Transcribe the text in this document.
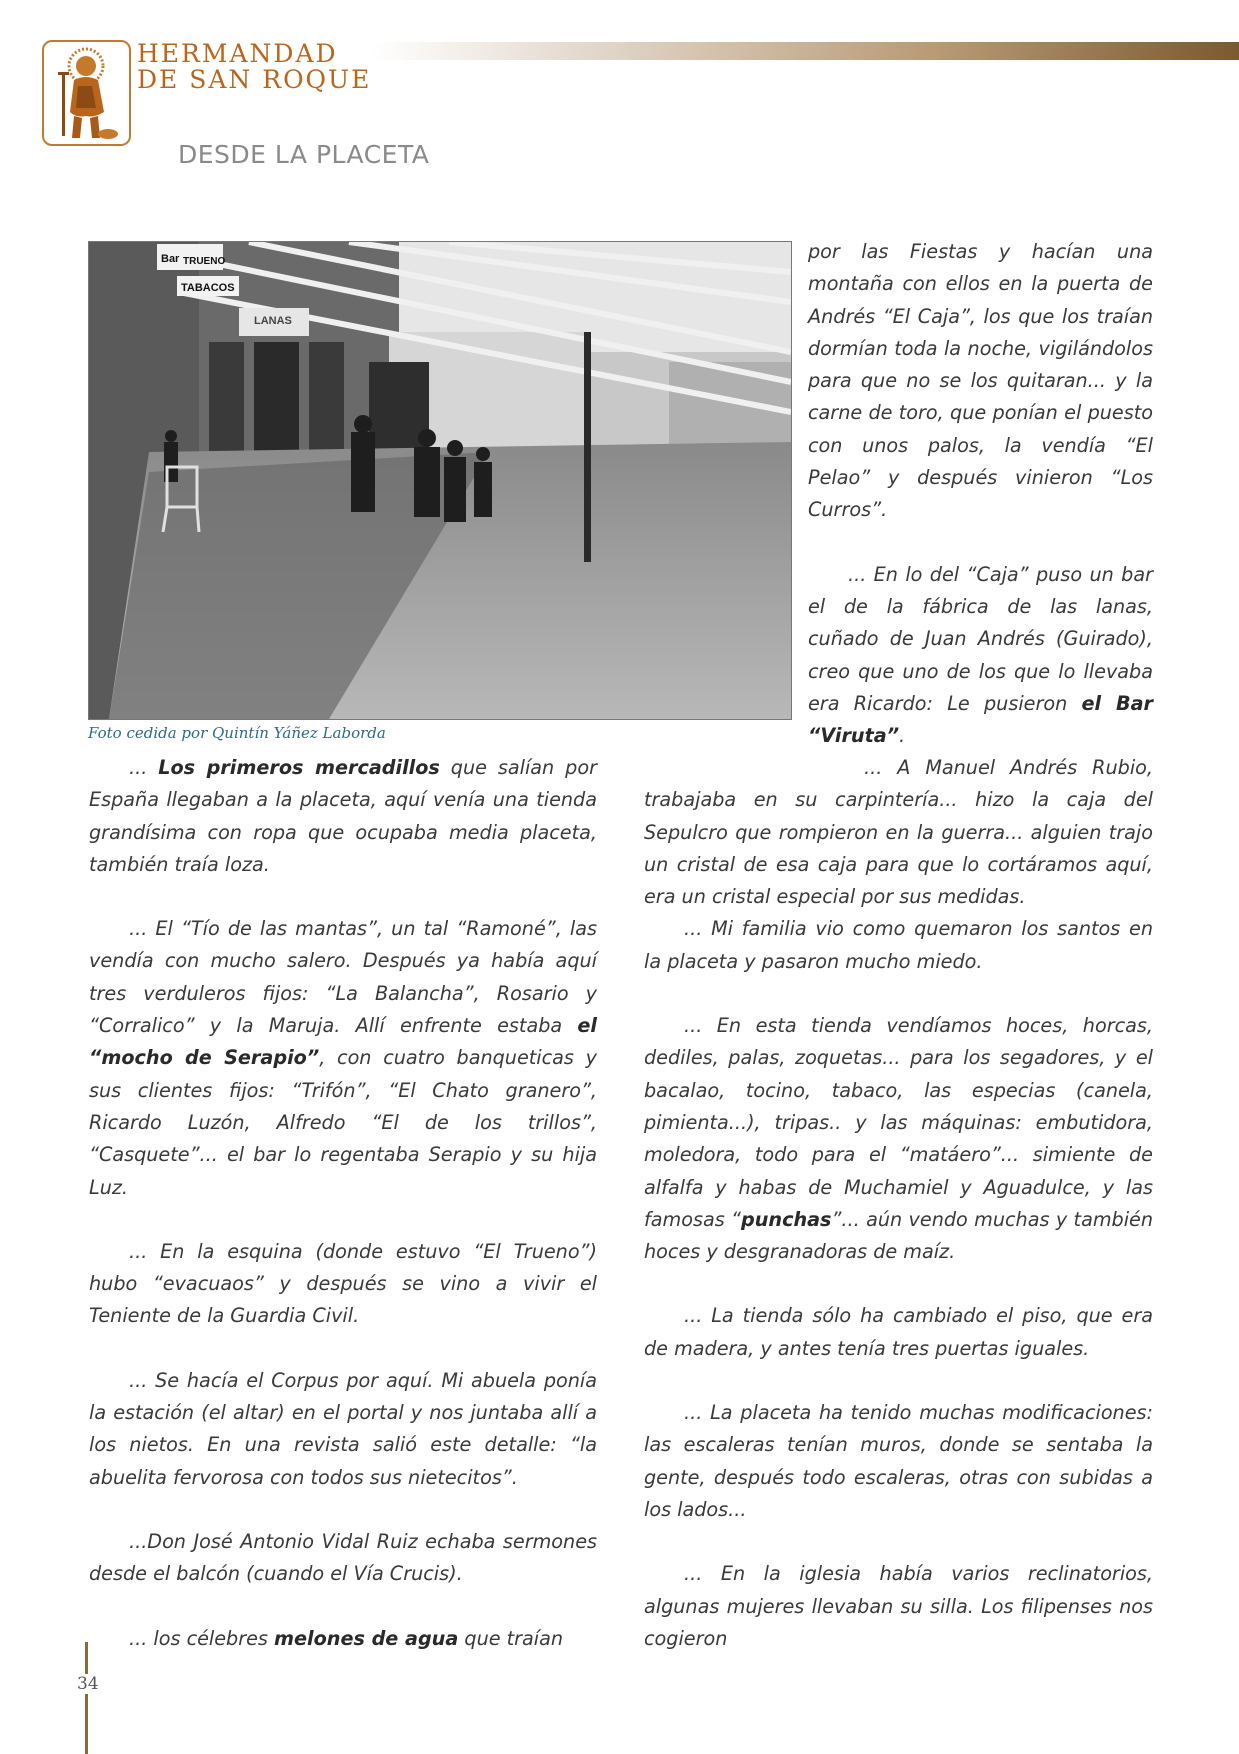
HERMANDAD
DE SAN ROQUE
DESDE LA PLACETA
Bar TRUENO
TABACOS
LANAS
Foto cedida por Quintín Yáñez Laborda

por las Fiestas y hacían una montaña con ellos en la puerta de Andrés “El Caja”, los que los traían dormían toda la noche, vigilándolos para que no se los quitaran... y la carne de toro, que ponían el puesto con unos palos, la vendía “El Pelao” y después vinieron “Los Curros”.

... En lo del “Caja” puso un bar el de la fábrica de las lanas, cuñado de Juan Andrés (Guirado), creo que uno de los que lo llevaba era Ricardo: Le pusieron el Bar “Viruta”.

... Los primeros mercadillos que salían por España llegaban a la placeta, aquí venía una tienda grandísima con ropa que ocupaba media placeta, también traía loza.

... El “Tío de las mantas”, un tal “Ramoné”, las vendía con mucho salero. Después ya había aquí tres verduleros fijos: “La Balancha”, Rosario y “Corralico” y la Maruja. Allí enfrente estaba el “mocho de Serapio”, con cuatro banqueticas y sus clientes fijos: “Trifón”, “El Chato granero”, Ricardo Luzón, Alfredo “El de los trillos”, “Casquete”... el bar lo regentaba Serapio y su hija Luz.

... En la esquina (donde estuvo “El Trueno”) hubo “evacuaos” y después se vino a vivir el Teniente de la Guardia Civil.

... Se hacía el Corpus por aquí. Mi abuela ponía la estación (el altar) en el portal y nos juntaba allí a los nietos. En una revista salió este detalle: “la abuelita fervorosa con todos sus nietecitos”.

...Don José Antonio Vidal Ruiz echaba sermones desde el balcón (cuando el Vía Crucis).

... los célebres melones de agua que traían

... A Manuel Andrés Rubio, trabajaba en su carpintería... hizo la caja del Sepulcro que rompieron en la guerra... alguien trajo un cristal de esa caja para que lo cortáramos aquí, era un cristal especial por sus medidas.

... Mi familia vio como quemaron los santos en la placeta y pasaron mucho miedo.

... En esta tienda vendíamos hoces, horcas, dediles, palas, zoquetas... para los segadores, y el bacalao, tocino, tabaco, las especias (canela, pimienta...), tripas.. y las máquinas: embutidora, moledora, todo para el “matáero”... simiente de alfalfa y habas de Muchamiel y Aguadulce, y las famosas “punchas”... aún vendo muchas y también hoces y desgranadoras de maíz.

... La tienda sólo ha cambiado el piso, que era de madera, y antes tenía tres puertas iguales.

... La placeta ha tenido muchas modificaciones: las escaleras tenían muros, donde se sentaba la gente, después todo escaleras, otras con subidas a los lados...

... En la iglesia había varios reclinatorios, algunas mujeres llevaban su silla. Los filipenses nos cogieron

34
